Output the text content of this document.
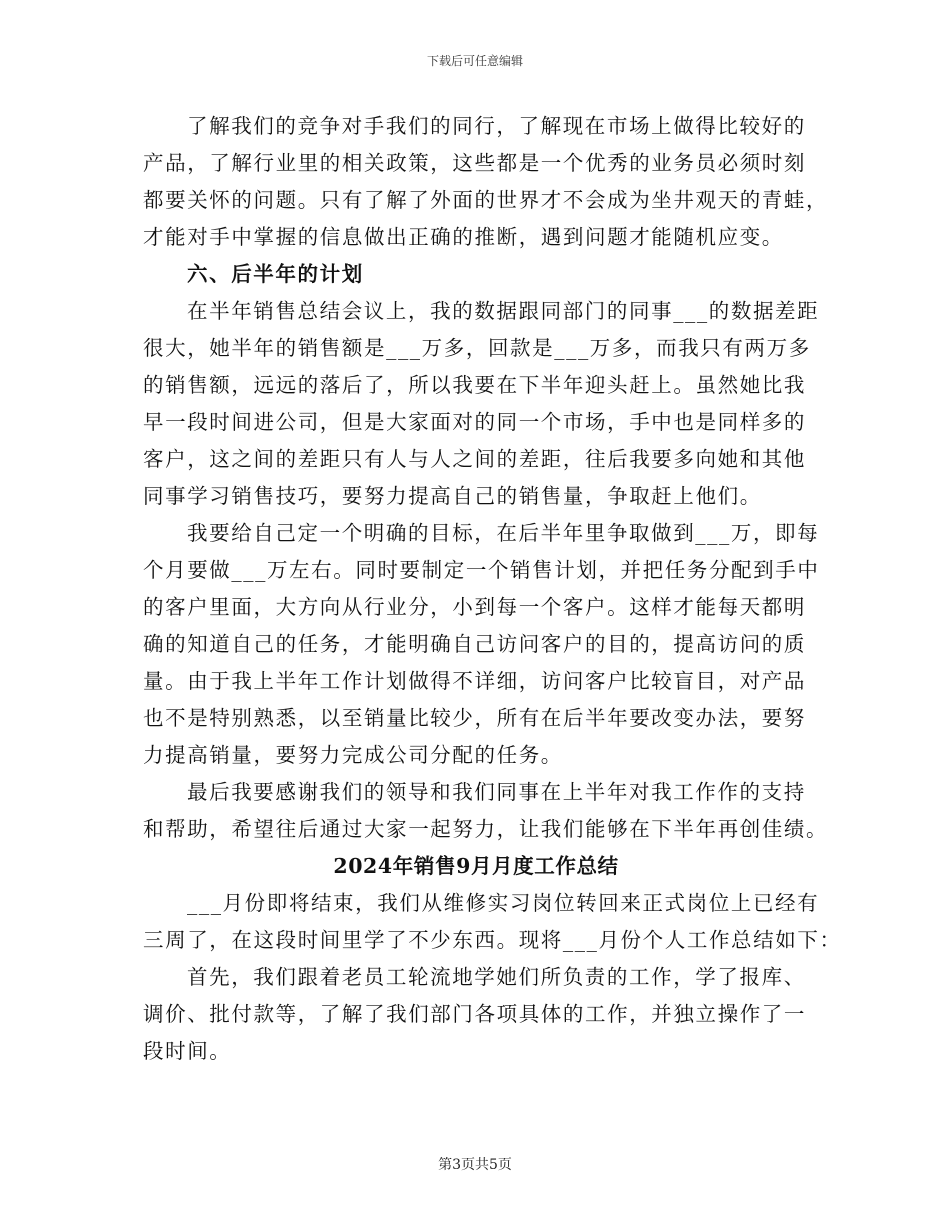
下载后可任意编辑
了解我们的竞争对手我们的同行，了解现在市场上做得比较好的
产品，了解行业里的相关政策，这些都是一个优秀的业务员必须时刻
都要关怀的问题。只有了解了外面的世界才不会成为坐井观天的青蛙，
才能对手中掌握的信息做出正确的推断，遇到问题才能随机应变。
六、后半年的计划
在半年销售总结会议上，我的数据跟同部门的同事___的数据差距
很大，她半年的销售额是___万多，回款是___万多，而我只有两万多
的销售额，远远的落后了，所以我要在下半年迎头赶上。虽然她比我
早一段时间进公司，但是大家面对的同一个市场，手中也是同样多的
客户，这之间的差距只有人与人之间的差距，往后我要多向她和其他
同事学习销售技巧，要努力提高自己的销售量，争取赶上他们。
我要给自己定一个明确的目标，在后半年里争取做到___万，即每
个月要做___万左右。同时要制定一个销售计划，并把任务分配到手中
的客户里面，大方向从行业分，小到每一个客户。这样才能每天都明
确的知道自己的任务，才能明确自己访问客户的目的，提高访问的质
量。由于我上半年工作计划做得不详细，访问客户比较盲目，对产品
也不是特别熟悉，以至销量比较少，所有在后半年要改变办法，要努
力提高销量，要努力完成公司分配的任务。
最后我要感谢我们的领导和我们同事在上半年对我工作作的支持
和帮助，希望往后通过大家一起努力，让我们能够在下半年再创佳绩。
2024年销售9月月度工作总结
___月份即将结束，我们从维修实习岗位转回来正式岗位上已经有
三周了，在这段时间里学了不少东西。现将___月份个人工作总结如下：
首先，我们跟着老员工轮流地学她们所负责的工作，学了报库、
调价、批付款等，了解了我们部门各项具体的工作，并独立操作了一
段时间。
第3页共5页
